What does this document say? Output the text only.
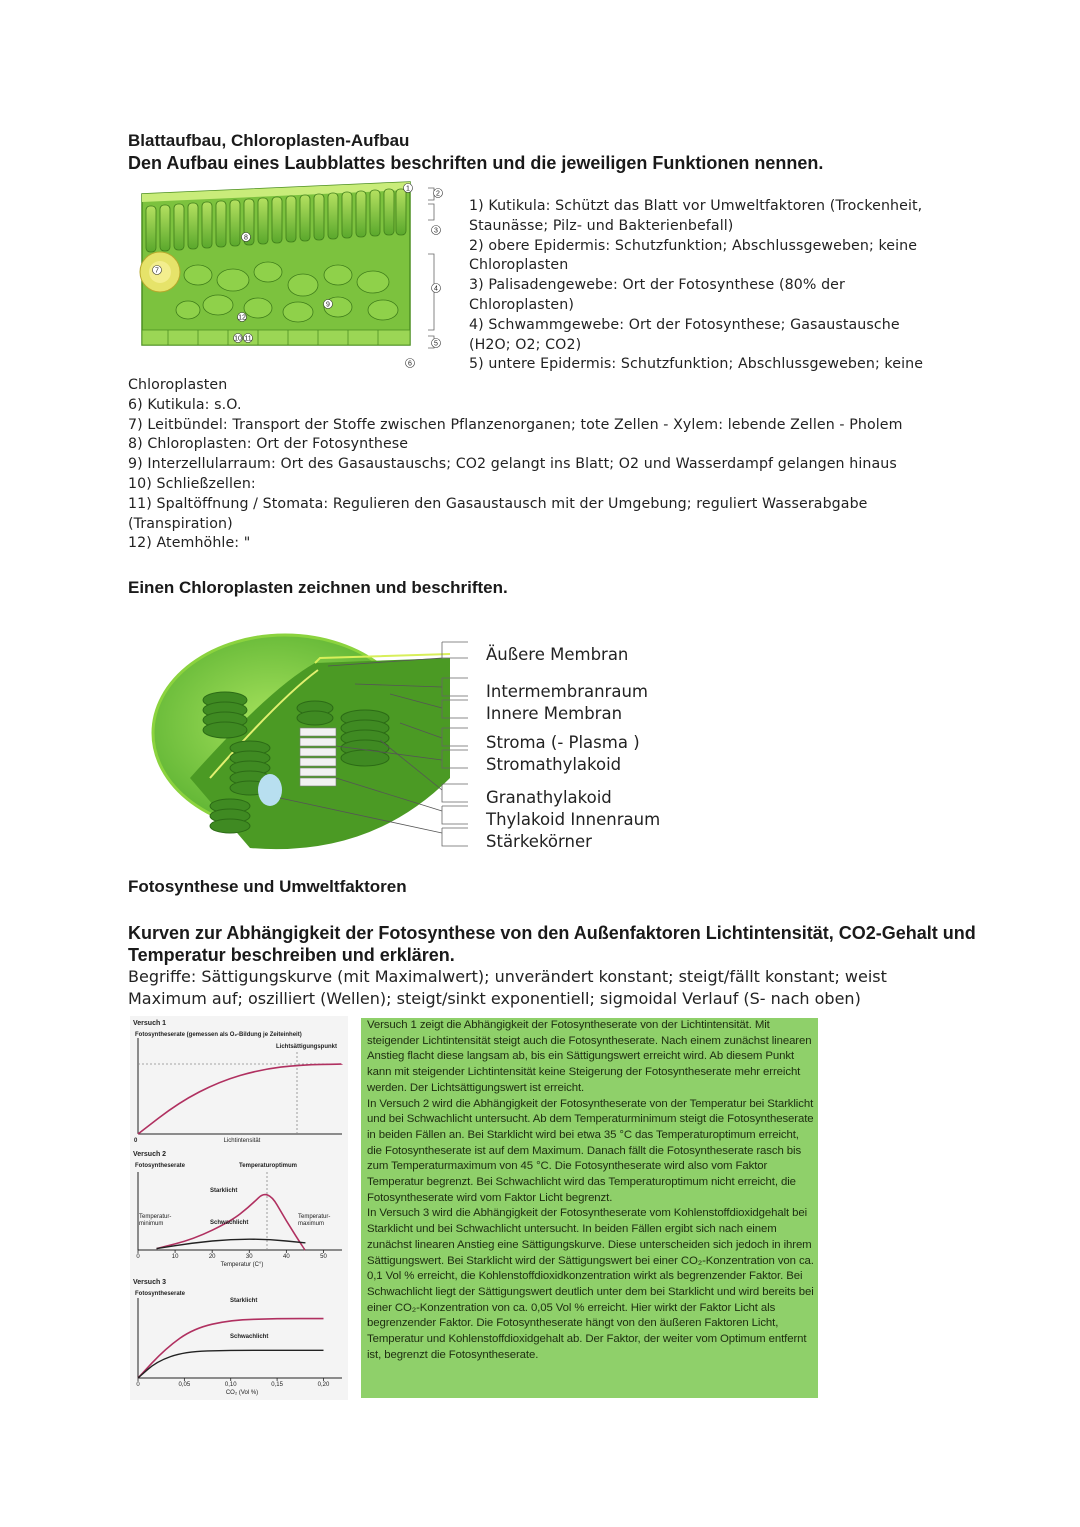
Blattaufbau, Chloroplasten-Aufbau
Den Aufbau eines Laubblattes beschriften und die jeweiligen Funktionen nennen.
2
3
4
5
6
1
7
8
9
10 11
12
1) Kutikula: Schützt das Blatt vor Umweltfaktoren (Trockenheit,
Staunässe; Pilz- und Bakterienbefall)
2) obere Epidermis: Schutzfunktion; Abschlussgeweben; keine
Chloroplasten
3) Palisadengewebe: Ort der Fotosynthese (80% der
Chloroplasten)
4) Schwammgewebe: Ort der Fotosynthese; Gasaustausche
(H2O; O2; CO2)
5) untere Epidermis: Schutzfunktion; Abschlussgeweben; keine
Chloroplasten
6) Kutikula: s.O.
7) Leitbündel: Transport der Stoffe zwischen Pflanzenorganen; tote Zellen - Xylem: lebende Zellen - Pholem
8) Chloroplasten: Ort der Fotosynthese
9) Interzellularraum: Ort des Gasaustauschs; CO2 gelangt ins Blatt; O2 und Wasserdampf gelangen hinaus
10) Schließzellen:
11) Spaltöffnung / Stomata: Regulieren den Gasaustausch mit der Umgebung; reguliert Wasserabgabe
(Transpiration)
12) Atemhöhle: "
Einen Chloroplasten zeichnen und beschriften.
Äußere Membran
Intermembranraum
Innere Membran
Stroma (- Plasma )
Stromathylakoid
Granathylakoid
Thylakoid Innenraum
Stärkekörner
Fotosynthese und Umweltfaktoren
Kurven zur Abhängigkeit der Fotosynthese von den Außenfaktoren Lichtintensität, CO2-Gehalt und
Temperatur beschreiben und erklären.
Begriffe: Sättigungskurve (mit Maximalwert); unverändert konstant; steigt/fällt konstant; weist
Maximum auf; oszilliert (Wellen); steigt/sinkt exponentiell; sigmoidal Verlauf (S- nach oben)
Versuch 1
Fotosyntheserate (gemessen als O₂-Bildung je Zeiteinheit)
Lichtsättigungspunkt
0	Lichtintensität
Versuch 2
Fotosyntheserate	Temperaturoptimum
Starklicht
Schwachlicht
Temperatur-
minimum
Temperatur-
maximum
0	10	20	30	40	50
Temperatur (C°)
Versuch 3
Fotosyntheserate
Starklicht
Schwachlicht
0	0,05	0,10	0,15	0,20
CO₂ (Vol %)

Versuch 1 zeigt die Abhängigkeit der Fotosyntheserate von der Lichtintensität. Mit steigender Lichtintensität steigt auch die Fotosyntheserate. Nach einem zunächst linearen Anstieg flacht diese langsam ab, bis ein Sättigungswert erreicht wird. Ab diesem Punkt kann mit steigender Lichtintensität keine Steigerung der Fotosyntheserate mehr erreicht werden. Der Lichtsättigungswert ist erreicht.

In Versuch 2 wird die Abhängigkeit der Fotosyntheserate von der Temperatur bei Starklicht und bei Schwachlicht untersucht. Ab dem Temperaturminimum steigt die Fotosyntheserate in beiden Fällen an. Bei Starklicht wird bei etwa 35 °C das Temperaturoptimum erreicht, die Fotosyntheserate ist auf dem Maximum. Danach fällt die Fotosyntheserate rasch bis zum Temperaturmaximum von 45 °C. Die Fotosyntheserate wird also vom Faktor Temperatur begrenzt. Bei Schwachlicht wird das Temperaturoptimum nicht erreicht, die Fotosyntheserate wird vom Faktor Licht begrenzt.

In Versuch 3 wird die Abhängigkeit der Fotosyntheserate vom Kohlenstoffdioxidgehalt bei Starklicht und bei Schwachlicht untersucht. In beiden Fällen ergibt sich nach einem zunächst linearen Anstieg eine Sättigungskurve. Diese unterscheiden sich jedoch in ihrem Sättigungswert. Bei Starklicht wird der Sättigungswert bei einer CO₂-Konzentration von ca. 0,1 Vol % erreicht, die Kohlenstoffdioxidkonzentration wirkt als begrenzender Faktor. Bei Schwachlicht liegt der Sättigungswert deutlich unter dem bei Starklicht und wird bereits bei einer CO₂-Konzentration von ca. 0,05 Vol % erreicht. Hier wirkt der Faktor Licht als begrenzender Faktor. Die Fotosyntheserate hängt von den äußeren Faktoren Licht, Temperatur und Kohlenstoffdioxidgehalt ab. Der Faktor, der weiter vom Optimum entfernt ist, begrenzt die Fotosyntheserate.
